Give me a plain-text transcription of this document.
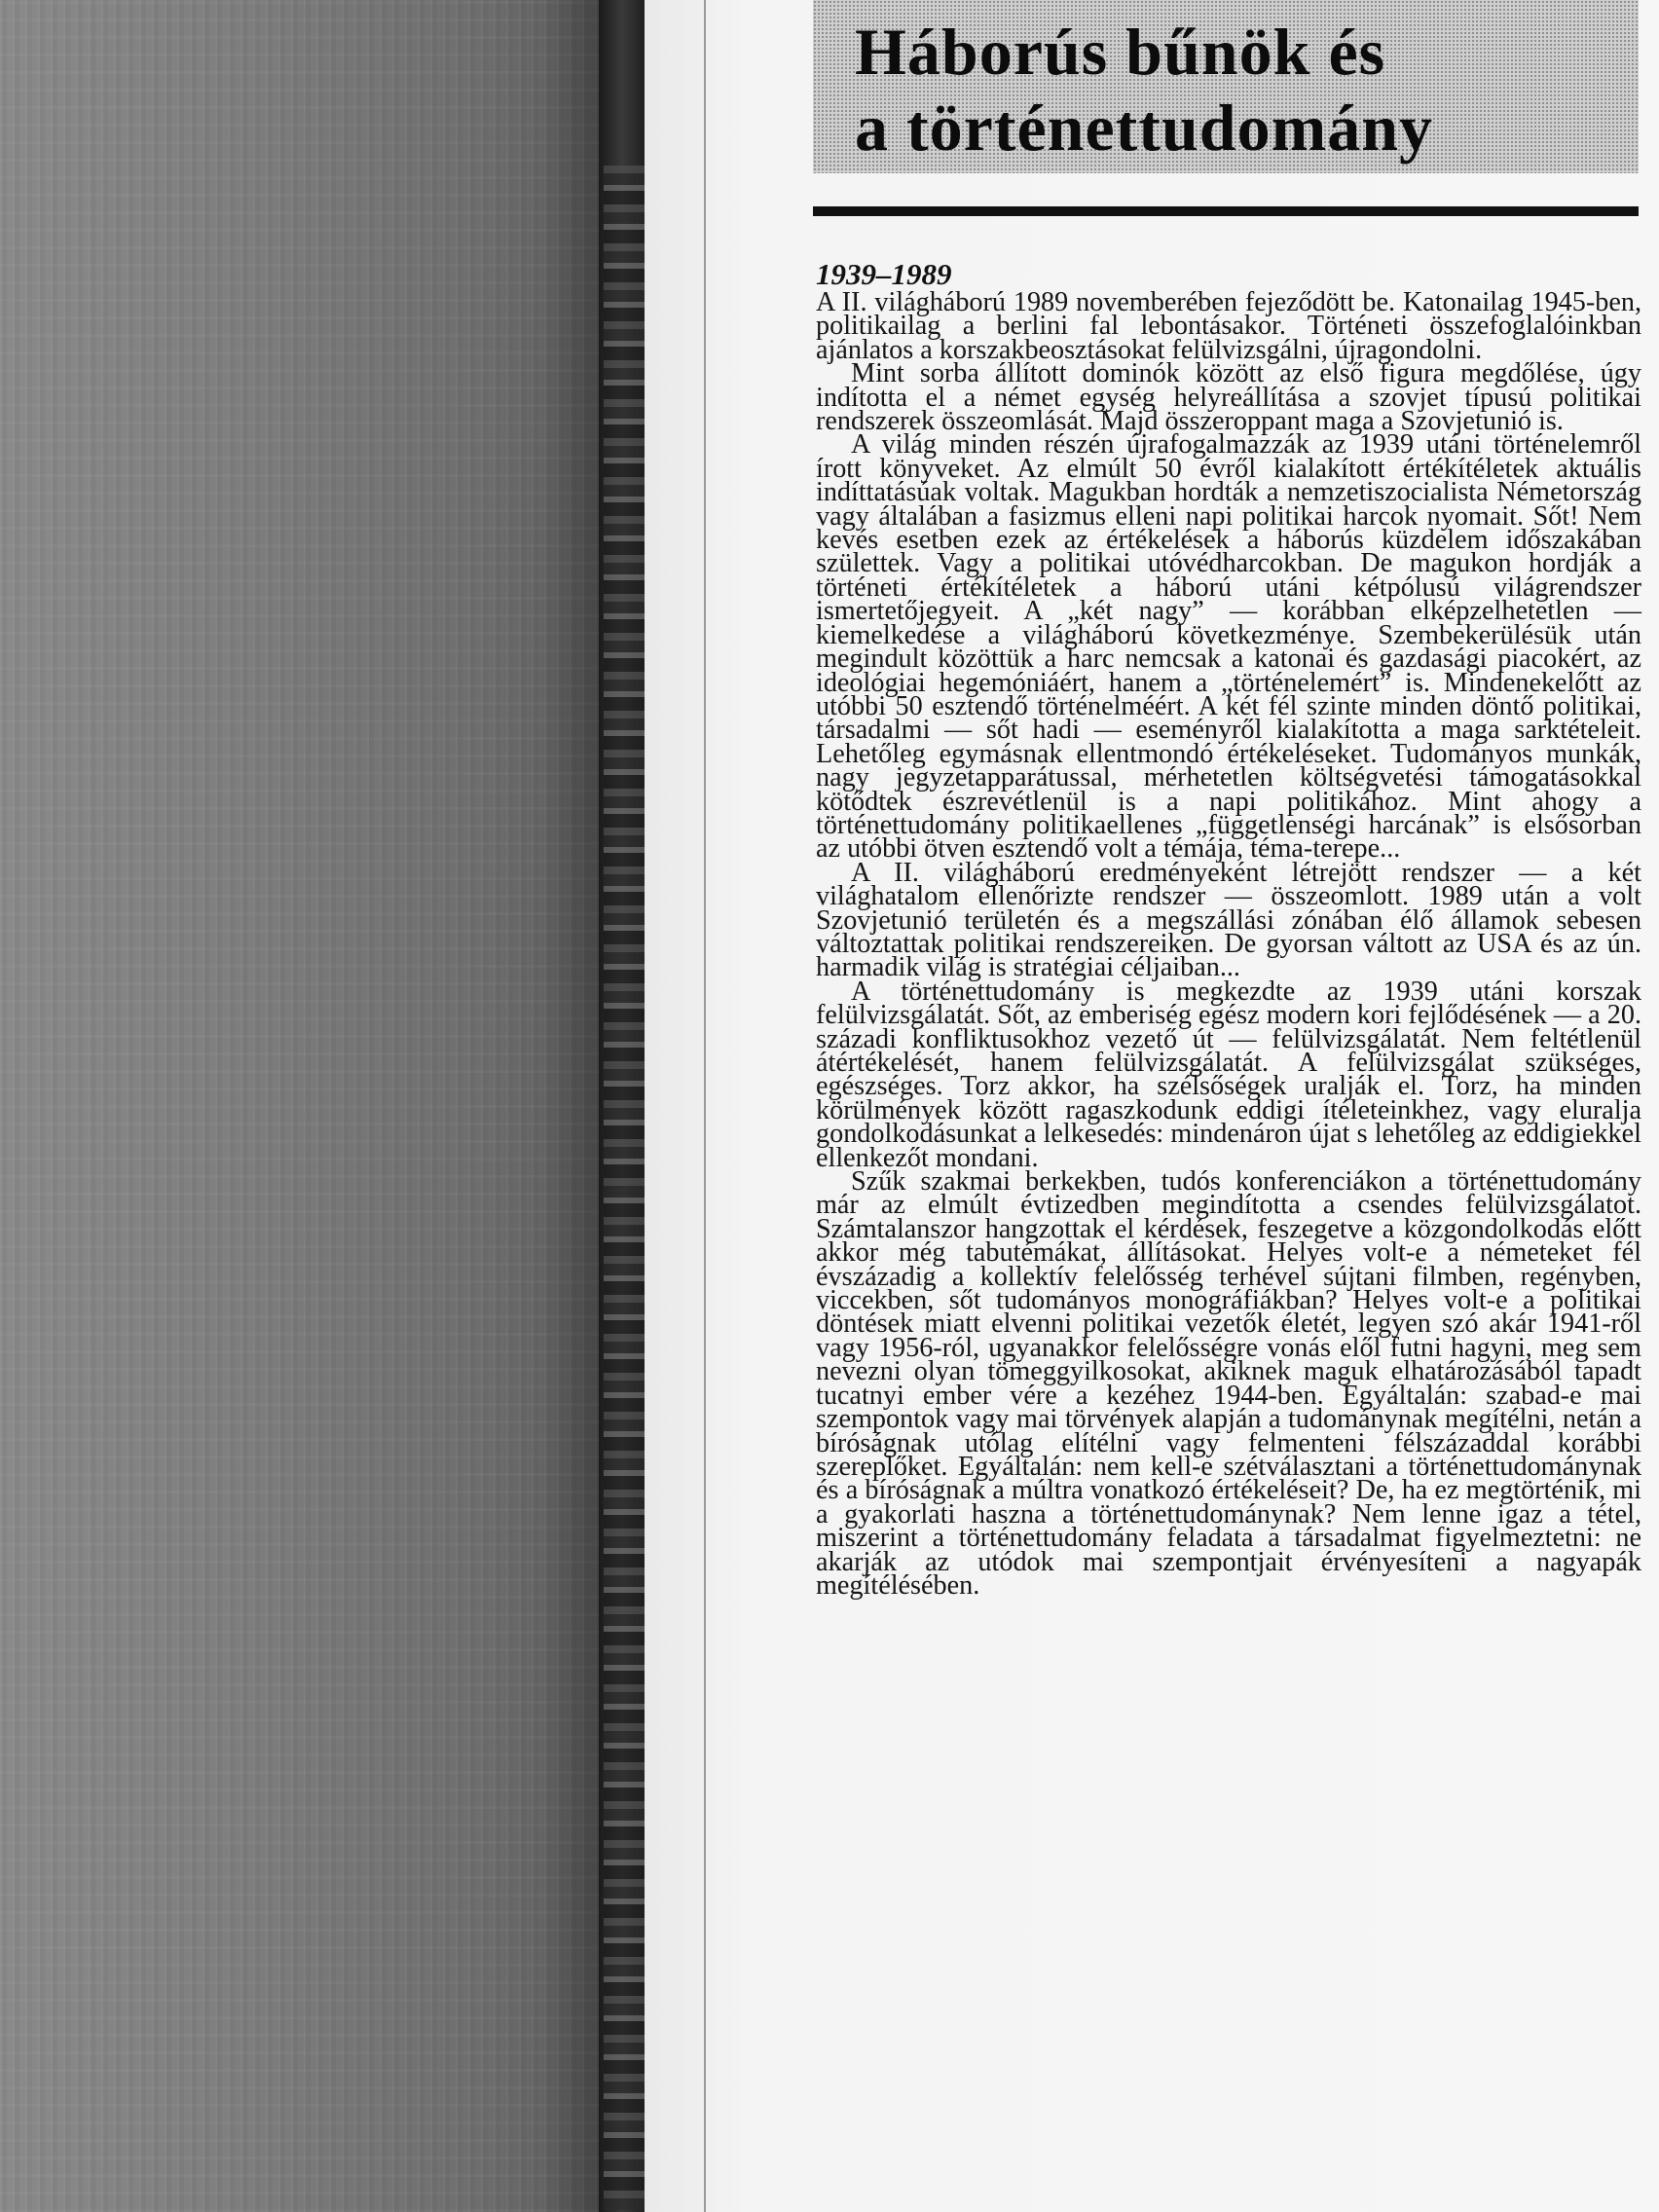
Háborús bűnök és
a történettudomány
1939–1989

A II. világháború 1989 novemberében fejeződött be. Katonailag 1945-ben, politikailag a berlini fal lebontásakor. Történeti összefoglalóinkban ajánlatos a korszakbeosztásokat felülvizsgálni, újragondolni.

Mint sorba állított dominók között az első figura megdőlése, úgy indította el a német egység helyreállítása a szovjet típusú politikai rendszerek összeomlását. Majd összeroppant maga a Szovjetunió is.

A világ minden részén újrafogalmazzák az 1939 utáni történelemről írott könyveket. Az elmúlt 50 évről kialakított értékítéletek aktuális indíttatásúak voltak. Magukban hordták a nemzetiszocialista Németország vagy általában a fasizmus elleni napi politikai harcok nyomait. Sőt! Nem kevés esetben ezek az értékelések a háborús küzdelem időszakában születtek. Vagy a politikai utóvédharcokban. De magukon hordják a történeti értékítéletek a háború utáni kétpólusú világrendszer ismertetőjegyeit. A „két nagy” — korábban elképzelhetetlen — kiemelkedése a világháború következménye. Szembekerülésük után megindult közöttük a harc nemcsak a katonai és gazdasági piacokért, az ideológiai hegemóniáért, hanem a „történelemért” is. Mindenekelőtt az utóbbi 50 esztendő történelméért. A két fél szinte minden döntő politikai, társadalmi — sőt hadi — eseményről kialakította a maga sarktételeit. Lehetőleg egymásnak ellentmondó értékeléseket. Tudományos munkák, nagy jegyzetapparátussal, mérhetetlen költségvetési támogatásokkal kötődtek észrevétlenül is a napi politikához. Mint ahogy a történettudomány politikaellenes „függetlenségi harcának” is elsősorban az utóbbi ötven esztendő volt a témája, téma-terepe...

A II. világháború eredményeként létrejött rendszer — a két világhatalom ellenőrizte rendszer — összeomlott. 1989 után a volt Szovjetunió területén és a megszállási zónában élő államok sebesen változtattak politikai rendszereiken. De gyorsan váltott az USA és az ún. harmadik világ is stratégiai céljaiban...

A történettudomány is megkezdte az 1939 utáni korszak felülvizsgálatát. Sőt, az emberiség egész modern kori fejlődésének — a 20. századi konfliktusokhoz vezető út — felülvizsgálatát. Nem feltétlenül átértékelését, hanem felülvizsgálatát. A felülvizsgálat szükséges, egészséges. Torz akkor, ha szélsőségek uralják el. Torz, ha minden körülmények között ragaszkodunk eddigi ítéleteinkhez, vagy eluralja gondolkodásunkat a lelkesedés: mindenáron újat s lehetőleg az eddigiekkel ellenkezőt mondani.

Szűk szakmai berkekben, tudós konferenciákon a történettudomány már az elmúlt évtizedben megindította a csendes felülvizsgálatot. Számtalanszor hangzottak el kérdések, feszegetve a közgondolkodás előtt akkor még tabutémákat, állításokat. Helyes volt-e a németeket fél évszázadig a kollektív felelősség terhével sújtani filmben, regényben, viccekben, sőt tudományos monográfiákban? Helyes volt-e a politikai döntések miatt elvenni politikai vezetők életét, legyen szó akár 1941-ről vagy 1956-ról, ugyanakkor felelősségre vonás elől futni hagyni, meg sem nevezni olyan tömeggyilkosokat, akiknek maguk elhatározásából tapadt tucatnyi ember vére a kezéhez 1944-ben. Egyáltalán: szabad-e mai szempontok vagy mai törvények alapján a tudománynak megítélni, netán a bíróságnak utólag elítélni vagy felmenteni félszázaddal korábbi szereplőket. Egyáltalán: nem kell-e szétválasztani a történettudománynak és a bíróságnak a múltra vonatkozó értékeléseit? De, ha ez megtörténik, mi a gyakorlati haszna a történettudománynak? Nem lenne igaz a tétel, miszerint a történettudomány feladata a társadalmat figyelmeztetni: ne akarják az utódok mai szempontjait érvényesíteni a nagyapák megítélésében.
